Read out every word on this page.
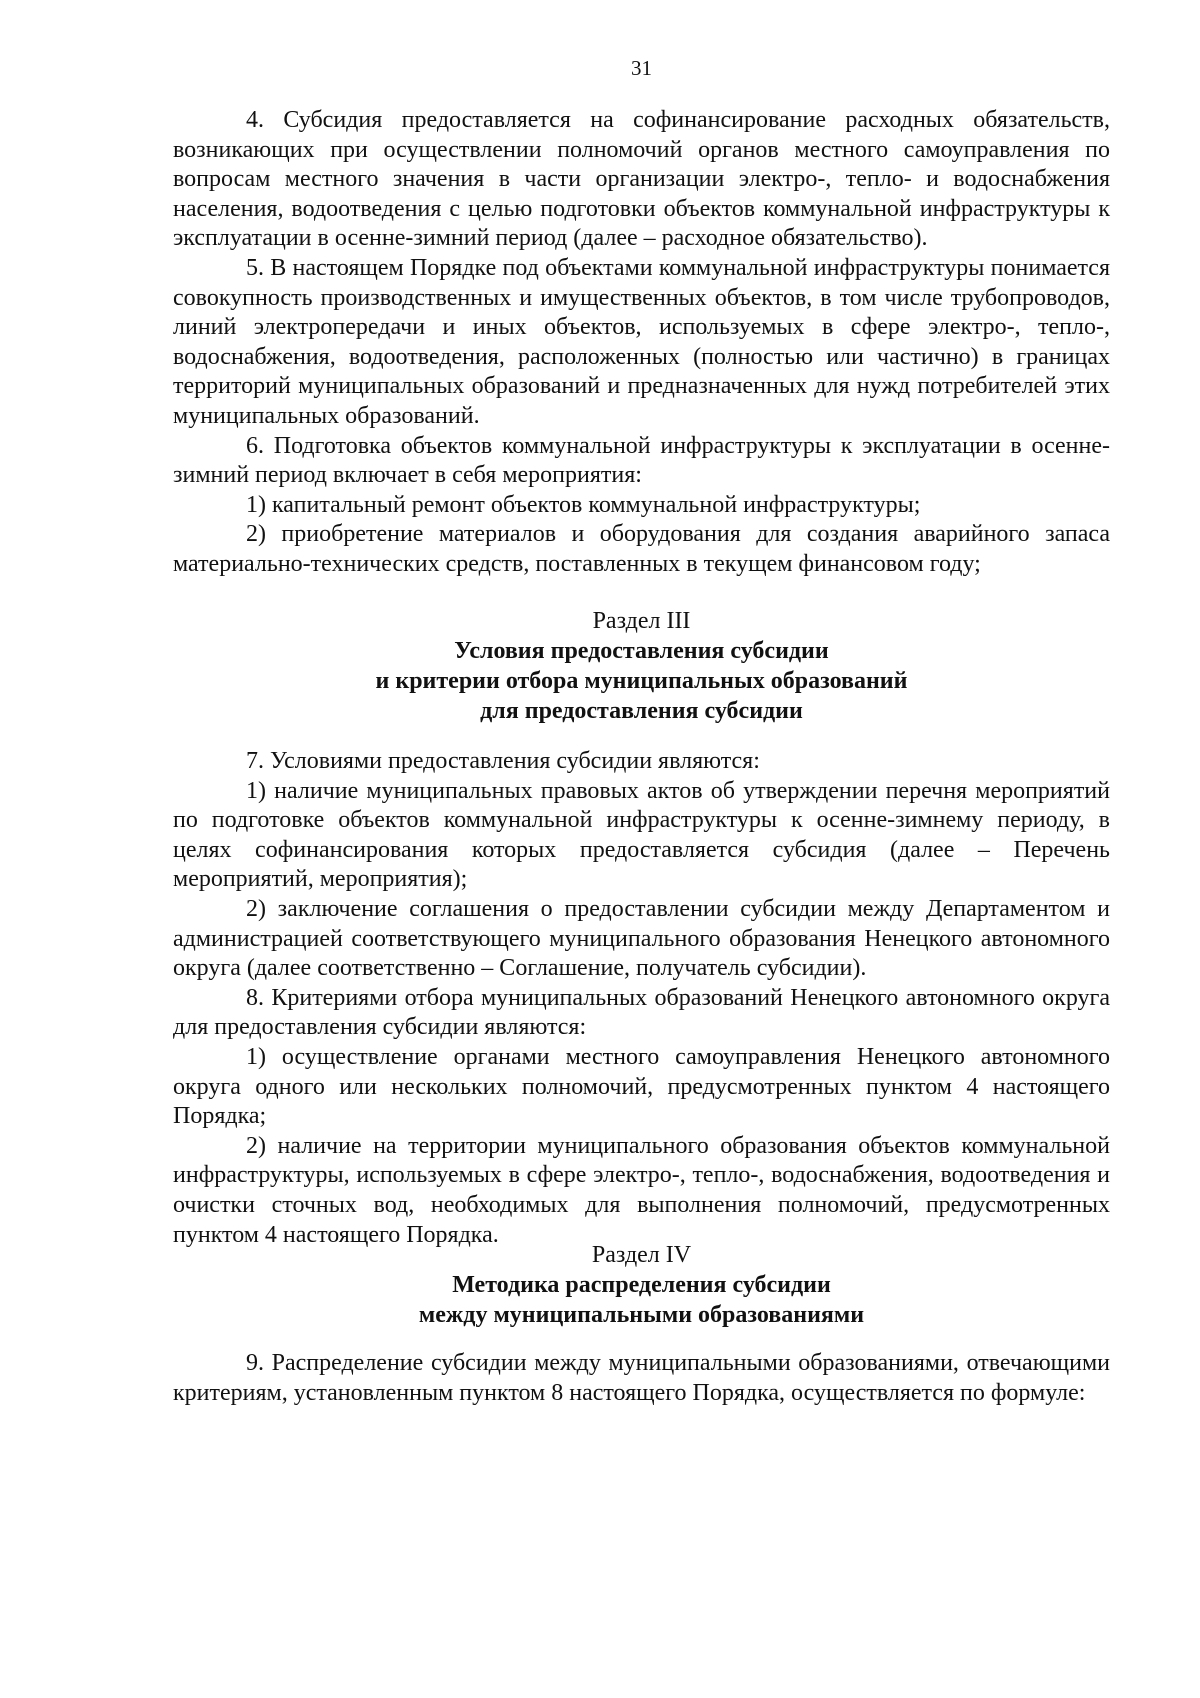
31

4. Субсидия предоставляется на софинансирование расходных обязательств, возникающих при осуществлении полномочий органов местного самоуправления по вопросам местного значения в части организации электро-, тепло- и водоснабжения населения, водоотведения с целью подготовки объектов коммунальной инфраструктуры к эксплуатации в осенне-зимний период (далее – расходное обязательство).

5. В настоящем Порядке под объектами коммунальной инфраструктуры понимается совокупность производственных и имущественных объектов, в том числе трубопроводов, линий электропередачи и иных объектов, используемых в сфере электро-, тепло-, водоснабжения, водоотведения, расположенных (полностью или частично) в границах территорий муниципальных образований и предназначенных для нужд потребителей этих муниципальных образований.

6. Подготовка объектов коммунальной инфраструктуры к эксплуатации в осенне-зимний период включает в себя мероприятия:

1) капитальный ремонт объектов коммунальной инфраструктуры;

2) приобретение материалов и оборудования для создания аварийного запаса материально-технических средств, поставленных в текущем финансовом году;

Раздел III
Условия предоставления субсидии
и критерии отбора муниципальных образований
для предоставления субсидии

7. Условиями предоставления субсидии являются:

1) наличие муниципальных правовых актов об утверждении перечня мероприятий по подготовке объектов коммунальной инфраструктуры к осенне-зимнему периоду, в целях софинансирования которых предоставляется субсидия (далее – Перечень мероприятий, мероприятия);

2) заключение соглашения о предоставлении субсидии между Департаментом и администрацией соответствующего муниципального образования Ненецкого автономного округа (далее соответственно – Соглашение, получатель субсидии).

8. Критериями отбора муниципальных образований Ненецкого автономного округа для предоставления субсидии являются:

1) осуществление органами местного самоуправления Ненецкого автономного округа одного или нескольких полномочий, предусмотренных пунктом 4 настоящего Порядка;

2) наличие на территории муниципального образования объектов коммунальной инфраструктуры, используемых в сфере электро-, тепло-, водоснабжения, водоотведения и очистки сточных вод, необходимых для выполнения полномочий, предусмотренных пунктом 4 настоящего Порядка.

Раздел IV
Методика распределения субсидии
между муниципальными образованиями

9. Распределение субсидии между муниципальными образованиями, отвечающими критериям, установленным пунктом 8 настоящего Порядка, осуществляется по формуле:
